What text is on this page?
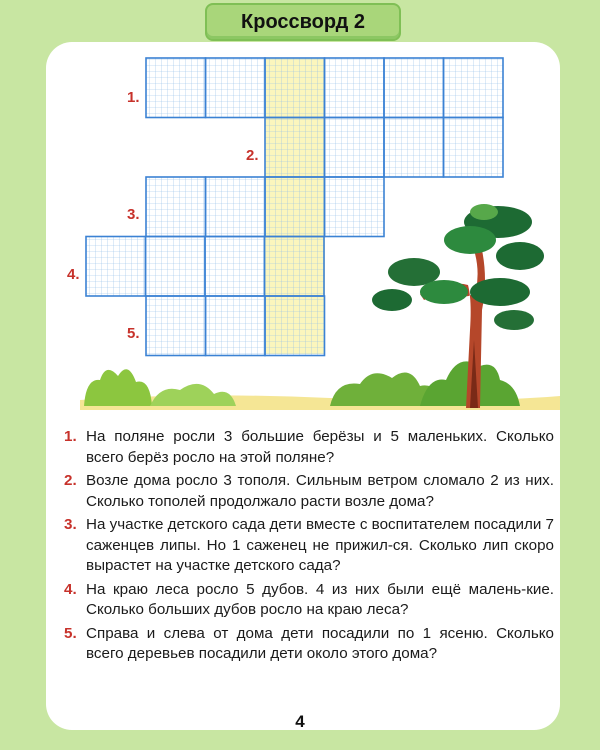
Кроссворд 2
1.
2.
3.
4.
5.
1. На поляне росли 3 большие берёзы и 5 маленьких. Сколько всего берёз росло на этой поляне?
2. Возле дома росло 3 тополя. Сильным ветром сломало 2 из них. Сколько тополей продолжало расти возле дома?
3. На участке детского сада дети вместе с воспитателем посадили 7 саженцев липы. Но 1 саженец не прижил-ся. Сколько лип скоро вырастет на участке детского сада?
4. На краю леса росло 5 дубов. 4 из них были ещё малень-кие. Сколько больших дубов росло на краю леса?
5. Справа и слева от дома дети посадили по 1 ясеню. Сколько всего деревьев посадили дети около этого дома?
4
